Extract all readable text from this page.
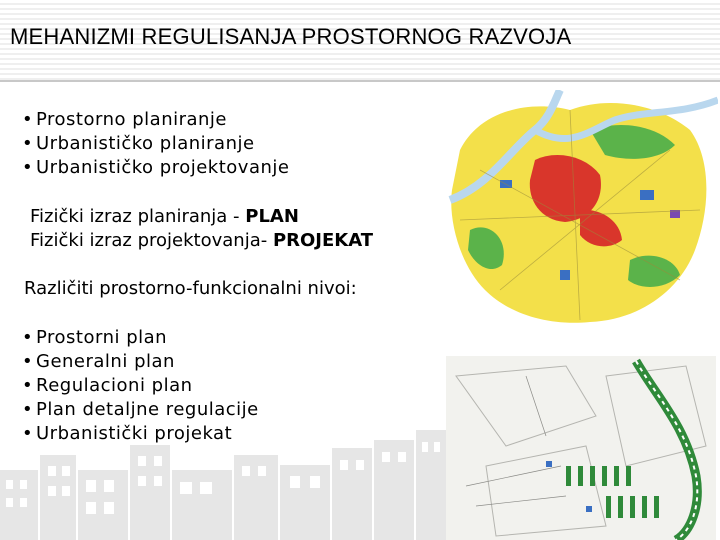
MEHANIZMI REGULISANJA PROSTORNOG RAZVOJA
• Prostorno planiranje
• Urbanističko planiranje
• Urbanističko projektovanje
Fizički izraz planiranja - PLAN
Fizički izraz projektovanja- PROJEKAT
Različiti prostorno-funkcionalni nivoi:
• Prostorni plan
• Generalni plan
• Regulacioni plan
• Plan detaljne regulacije
• Urbanistički projekat
